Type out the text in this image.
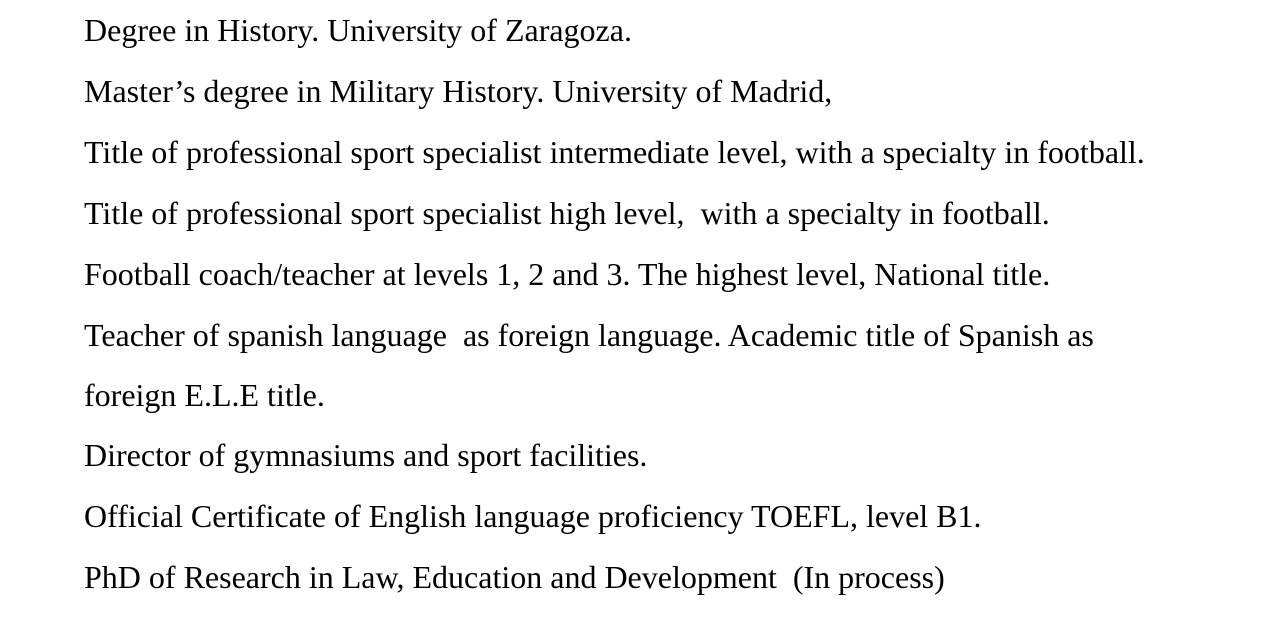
Degree in History. University of Zaragoza.

Master’s degree in Military History. University of Madrid,

Title of professional sport specialist intermediate level, with a specialty in football.

Title of professional sport specialist high level,  with a specialty in football.

Football coach/teacher at levels 1, 2 and 3. The highest level, National title.

Teacher of spanish language  as foreign language. Academic title of Spanish as

foreign E.L.E title.

Director of gymnasiums and sport facilities.

Official Certificate of English language proficiency TOEFL, level B1.

PhD of Research in Law, Education and Development  (In process)
